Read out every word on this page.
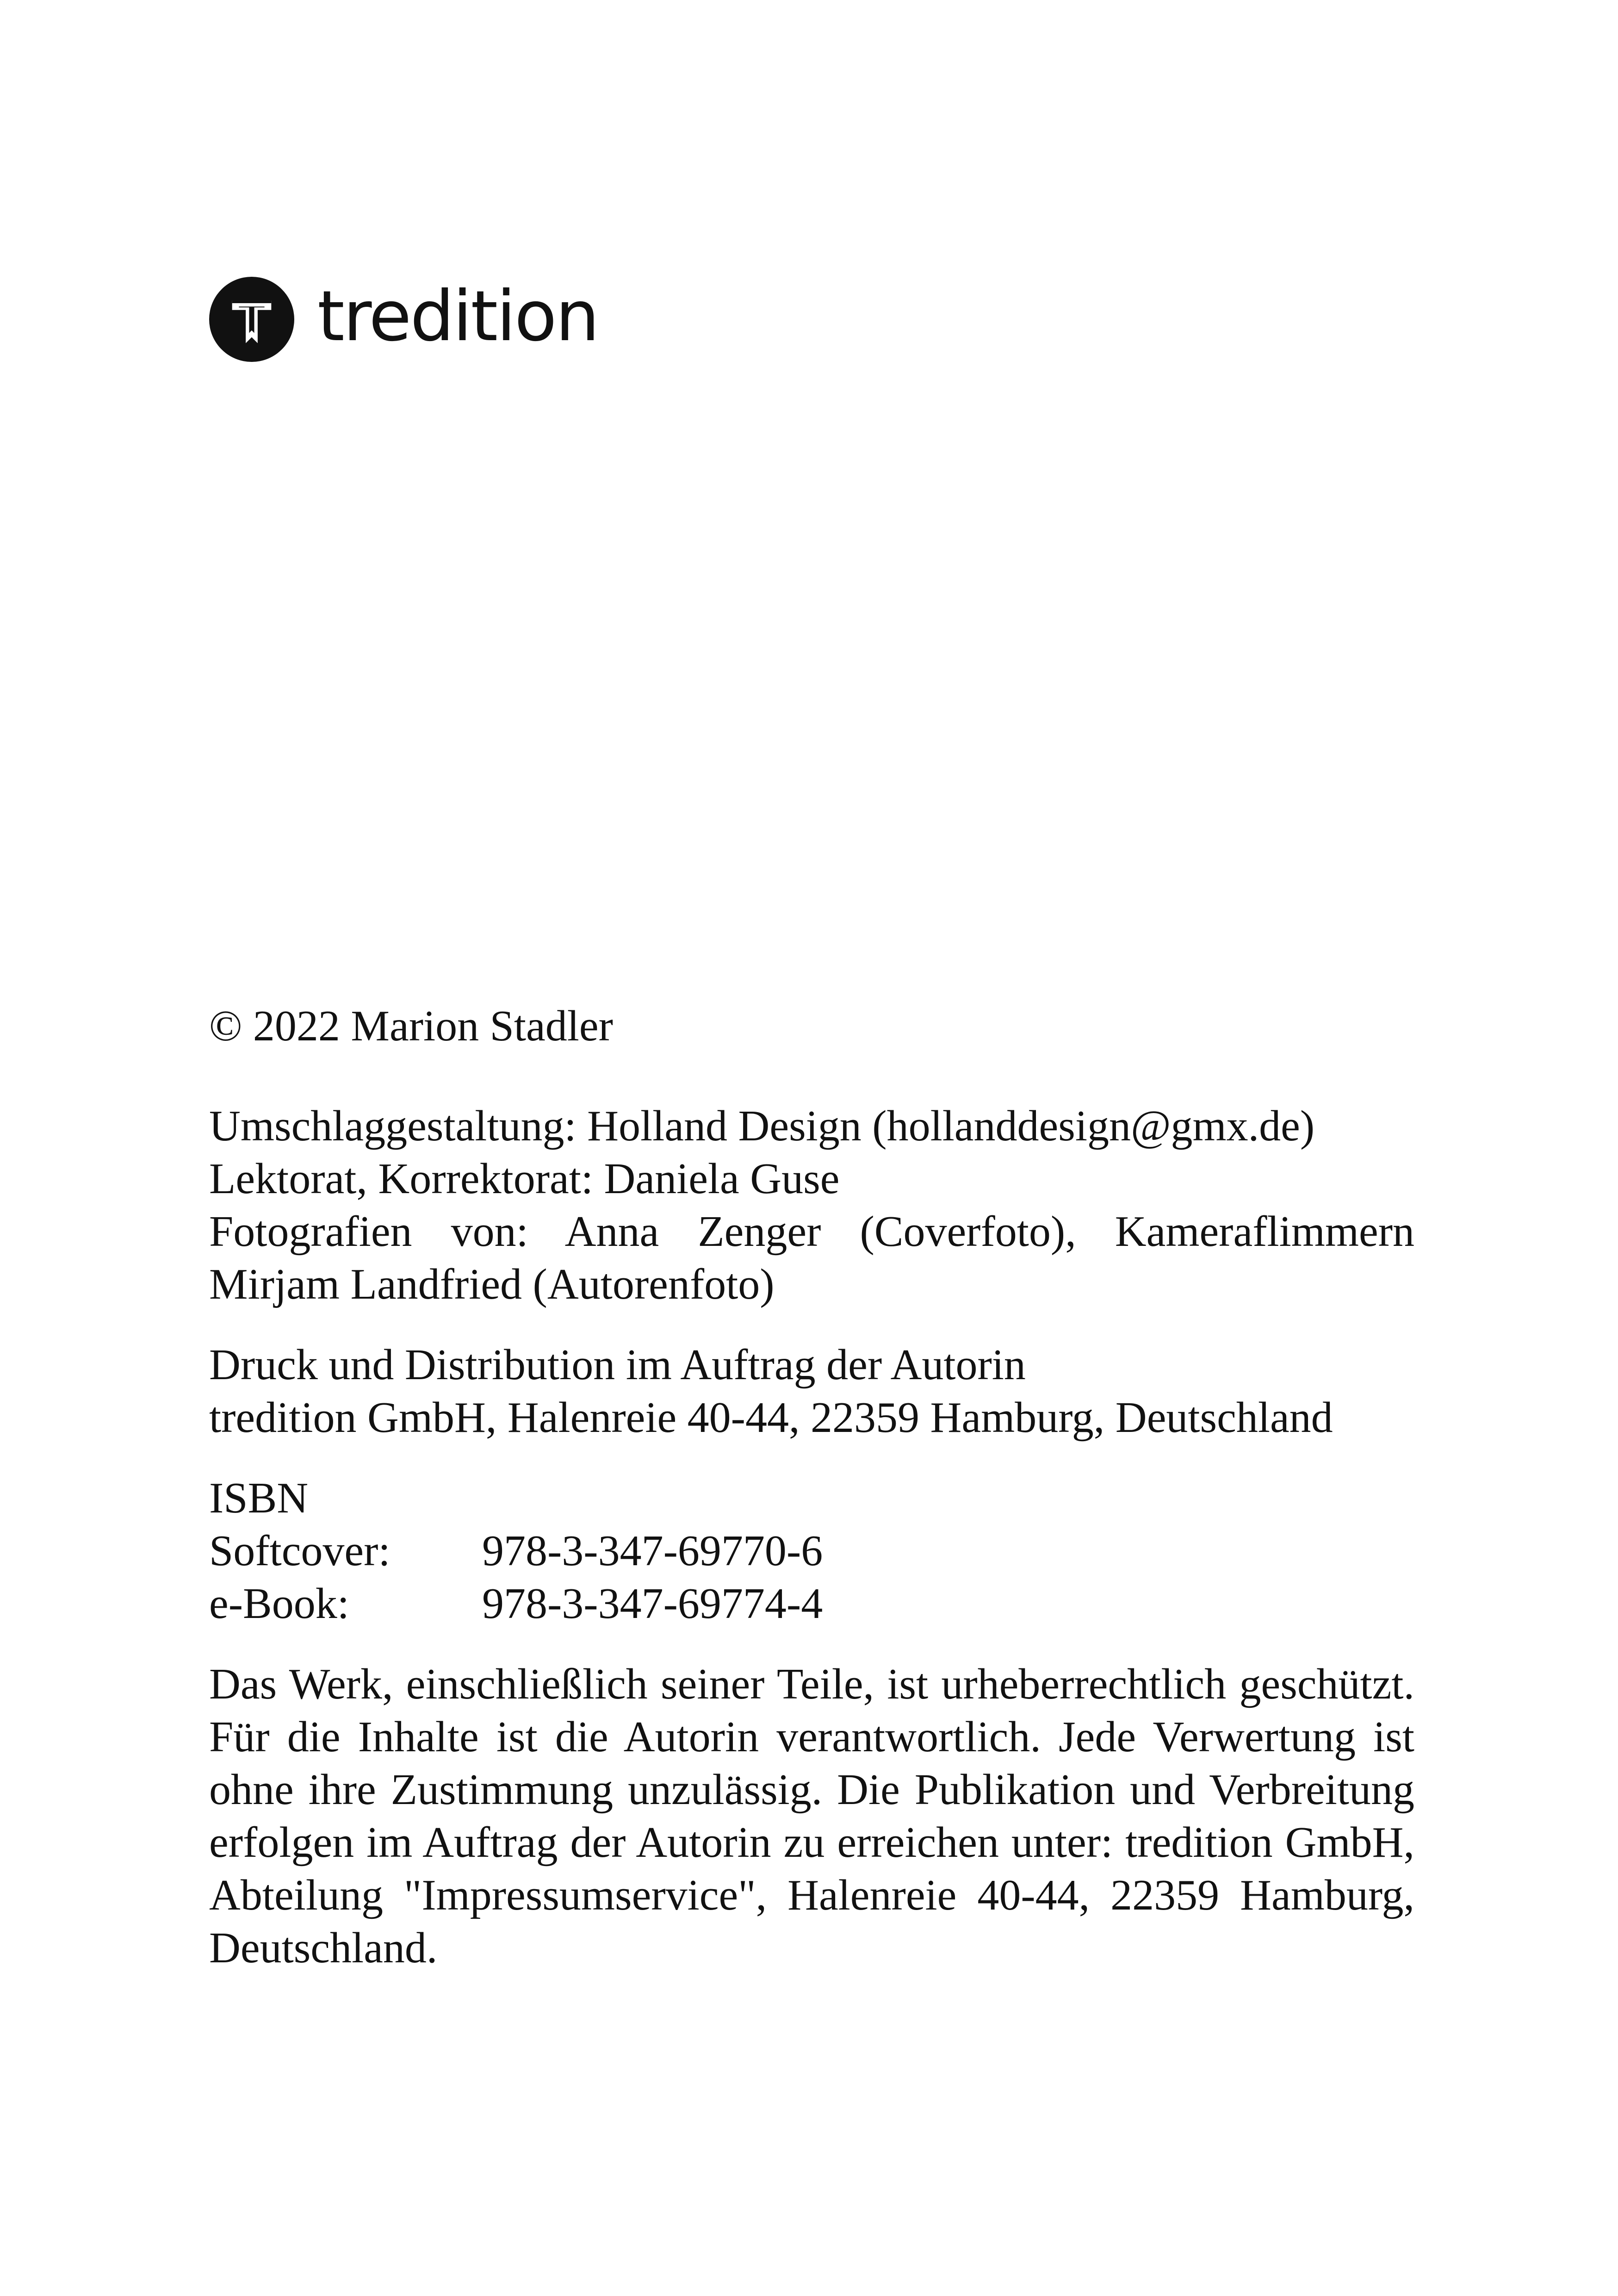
tredition
© 2022 Marion Stadler
Umschlaggestaltung: Holland Design (hollanddesign@gmx.de)
Lektorat, Korrektorat: Daniela Guse
Fotografien von: Anna Zenger (Coverfoto), Kameraflimmern
Mirjam Landfried (Autorenfoto)
Druck und Distribution im Auftrag der Autorin
tredition GmbH, Halenreie 40-44, 22359 Hamburg, Deutschland
ISBN
Softcover:	978-3-347-69770-6
e-Book:	978-3-347-69774-4

Das Werk, einschließlich seiner Teile, ist urheberrechtlich geschützt. Für die Inhalte ist die Autorin verantwortlich. Jede Verwertung ist ohne ihre Zustimmung unzulässig. Die Publikation und Verbreitung erfolgen im Auftrag der Autorin zu erreichen unter: tredition GmbH, Abteilung "Impressumservice", Halenreie 40-44, 22359 Hamburg, Deutschland.
